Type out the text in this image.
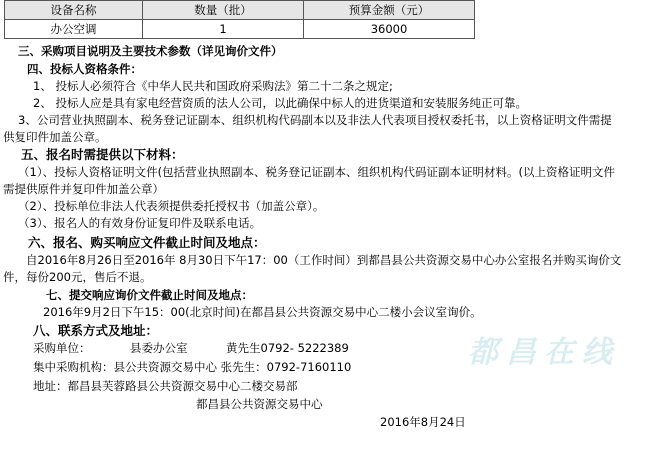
设备名称	数量（批）	预算金额（元）
办公空调	1	36000
三、采购项目说明及主要技术参数（详见询价文件）
四、投标人资格条件：
1、 投标人必须符合《中华人民共和国政府采购法》第二十二条之规定;
2、 投标人应是具有家电经营资质的法人公司，以此确保中标人的进货渠道和安装服务纯正可靠。
3、公司营业执照副本、税务登记证副本、组织机构代码副本以及非法人代表项目授权委托书，以上资格证明文件需提
供复印件加盖公章。
五、报名时需提供以下材料：
（1）、投标人资格证明文件(包括营业执照副本、税务登记证副本、组织机构代码证副本证明材料。(以上资格证明文件
需提供原件并复印件加盖公章）
（2）、投标单位非法人代表须提供委托授权书（加盖公章）。
（3）、报名人的有效身份证复印件及联系电话。
六、报名、购买响应文件截止时间及地点：
自2016年8月26日至2016年 8月30日下午17：00（工作时间）到都昌县公共资源交易中心办公室报名并购买询价文
件，每份200元，售后不退。
七、提交响应询价文件截止时间及地点：
2016年9月2日下午15：00(北京时间)在都昌县公共资源交易中心二楼小会议室询价。
八、联系方式及地址：
采购单位：	县委办公室	黄先生0792- 5222389
集中采购机构：县公共资源交易中心 张先生：0792-7160110
地址：都昌县芙蓉路县公共资源交易中心二楼交易部
都昌县公共资源交易中心
2016年8月24日
都昌在线
